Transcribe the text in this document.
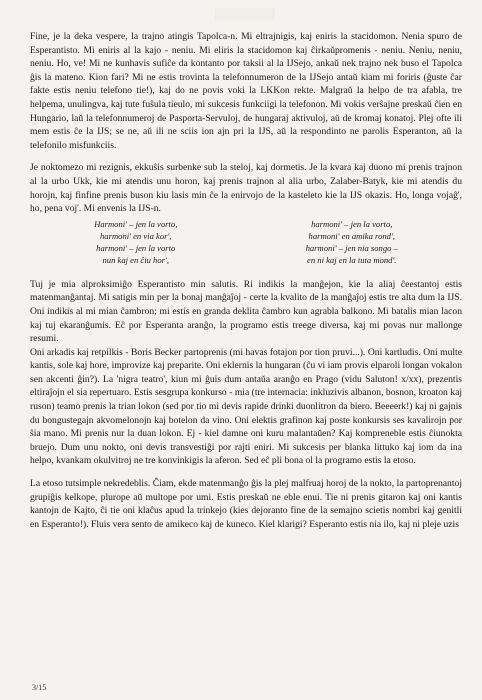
Fine, je la deka vespere, la trajno atingis Tapolca-n. Mi eltrajnigis, kaj eniris la stacidomon. Nenia spuro de Esperantisto. Mi eniris al la kajo - neniu. Mi eliris la stacidomon kaj ĉirkaŭpromenis - neniu. Neniu, neniu, neniu. Ho, ve! Mi ne kunhavis sufiĉe da kontanto por taksii al la IJSejo, ankaŭ nek trajno nek buso el Tapolca ĝis la mateno. Kion fari? Mi ne estis trovinta la telefonnumeron de la IJSejo antaŭ kiam mi foriris (ĝuste ĉar fakte estis neniu telefono tie!), kaj do ne povis voki la LKKon rekte. Malgraŭ la helpo de tra afabla, tre helpema, unulingva, kaj tute fuŝula tieulo, mi sukcesis funkciigi la telefonon. Mi vokis verŝajne preskaŭ ĉien en Hungario, laŭ la telefonnumeroj de Pasporta-Servuloj, de hungaraj aktivuloj, aŭ de kromaj konatoj. Plej ofte ili mem estis ĉe la IJS; se ne, aŭ ili ne sciis ion ajn pri la IJS, aŭ la respondinto ne parolis Esperanton, aŭ la telefonilo misfunkciis.

Je noktomezo mi rezignis, ekkuŝis surbenke sub la steloj, kaj dormetis. Je la kvara kaj duono mi prenis trajnon al la urbo Ukk, kie mi atendis unu horon, kaj prenis trajnon al alia urbo, Zalaber-Batyk, kie mi atendis du horojn, kaj finfine prenis buson kiu lasis min ĉe la enirvojo de la kasteleto kie la IJS okazis. Ho, longa vojaĝ', ho, pena voj'. Mi envenis la IJS-n.

Harmoni' – jen la vorto,
harmoni' en via kor',
harmoni' – jen la vorto
nun kaj en ĉiu hor',
harmoni' – jen la vorto,
harmoni' en amika rond',
harmoni' – jen nia songo –
en ni kaj en la tuta mond'.

Tuj je mia alproksimiĝo Esperantisto min salutis. Ri indikis la manĝejon, kie la aliaj ĉeestantoj estis matenmanĝantaj. Mi satigis min per la bonaj manĝaĵoj - certe la kvalito de la manĝaĵoj estis tre alta dum la IJS. Oni indikis al mi mian ĉambron; mi estis en granda deklita ĉambro kun agrabla balkono. Mi batalis mian lacon kaj tuj ekaranĝumis. Eĉ por Esperanta aranĝo, la programo estis treege diversa, kaj mi povas nur mallonge resumi.

Oni arkadis kaj retpilkis - Boris Becker partoprenis (mi havas fotajon por tion pruvi...). Oni kartludis. Oni multe kantis, sole kaj hore, improvize kaj preparite. Oni eklernis la hungaran (ĉu vi iam provis elparoli longan vokalon sen akcenti ĝin?). La 'nigra teatro', kiun mi ĝuis dum antaŭa aranĝo en Prago (vidu Saluton! x/xx), prezentis eltiraĵojn el sia repertuaro. Estis sesgrupa konkurso - mia (tre internacia: inkluzivis albanon, bosnon, kroaton kaj ruson) teamo prenis la trian lokon (sed por tio mi devis rapide drinki duonlitron da biero. Beeeerk!) kaj ni gajnis du bongustegajn akvomelonojn kaj botelon da vino. Oni elektis grafinon kaj poste konkursis ses kavalirojn por ŝia mano. Mi prenis nur la duan lokon. Ej - kiel damne oni kuru malantaŭen? Kaj kompreneble estis ĉiunokta bruejo. Dum unu nokto, oni devis transvestiĝi por rajti eniri. Mi sukcesis per blanka littuko kaj iom da ina helpo, kvankam okulvitroj ne tre konvinkigis la aferon. Sed eĉ pli bona ol la programo estis la etoso.

La etoso tutsimple nekredeblis. Ĉiam, ekde matenmanĝo ĝis la plej malfruaj horoj de la nokto, la partoprenantoj grupiĝis kelkope, plurope aŭ multope por umi. Estis preskaŭ ne eble enui. Tie ni prenis gitaron kaj oni kantis kantojn de Kajto, ĉi tie oni klaĉus apud la trinkejo (kies dejoranto fine de la semajno scietis nombri kaj genitli en Esperanto!). Fluis vera sento de amikeco kaj de kuneco. Kiel klarigi? Esperanto estis nia ilo, kaj ni pleje uzis

3/15
